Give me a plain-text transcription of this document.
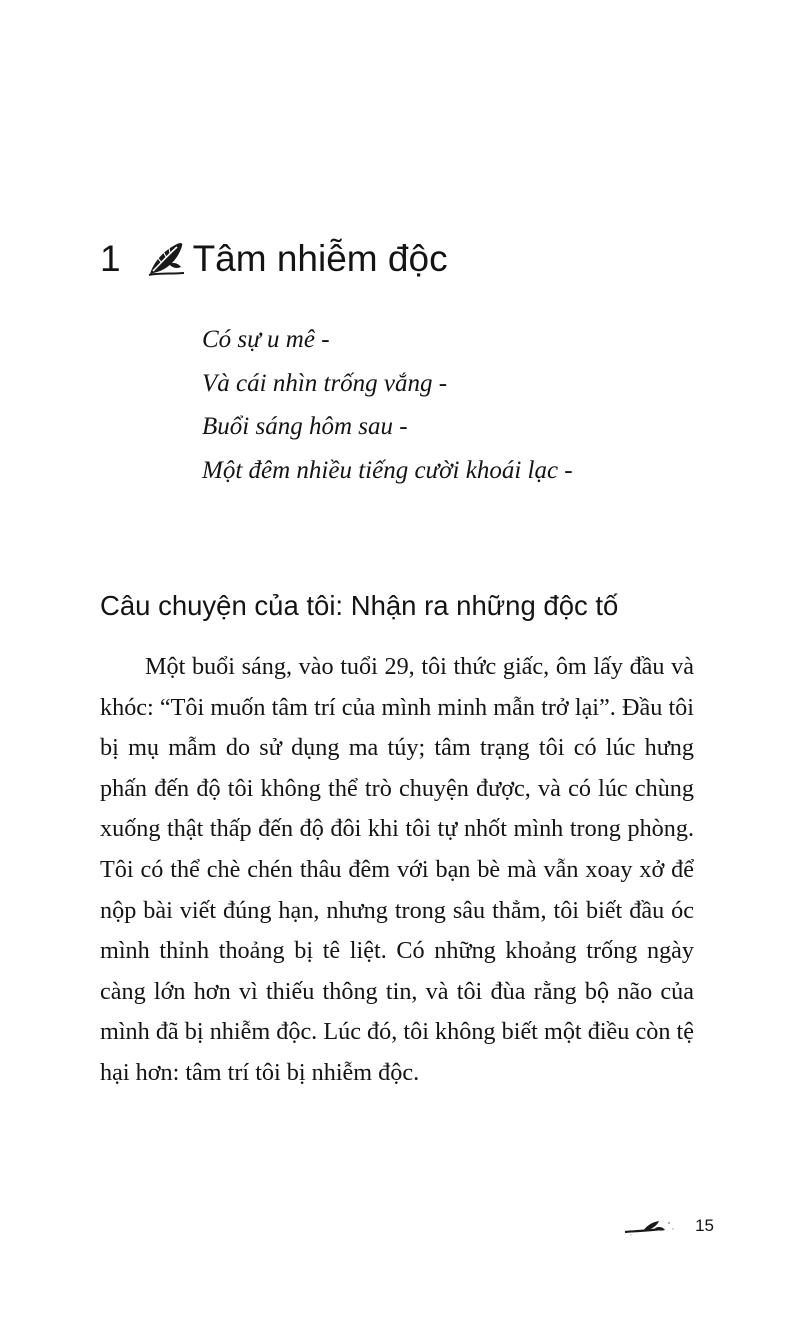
1 Tâm nhiễm độc
Có sự u mê -
Và cái nhìn trống vắng -
Buổi sáng hôm sau -
Một đêm nhiều tiếng cười khoái lạc -
Câu chuyện của tôi: Nhận ra những độc tố

Một buổi sáng, vào tuổi 29, tôi thức giấc, ôm lấy đầu và khóc: “Tôi muốn tâm trí của mình minh mẫn trở lại”. Đầu tôi bị mụ mẫm do sử dụng ma túy; tâm trạng tôi có lúc hưng phấn đến độ tôi không thể trò chuyện được, và có lúc chùng xuống thật thấp đến độ đôi khi tôi tự nhốt mình trong phòng. Tôi có thể chè chén thâu đêm với bạn bè mà vẫn xoay xở để nộp bài viết đúng hạn, nhưng trong sâu thẳm, tôi biết đầu óc mình thỉnh thoảng bị tê liệt. Có những khoảng trống ngày càng lớn hơn vì thiếu thông tin, và tôi đùa rằng bộ não của mình đã bị nhiễm độc. Lúc đó, tôi không biết một điều còn tệ hại hơn: tâm trí tôi bị nhiễm độc.

15
